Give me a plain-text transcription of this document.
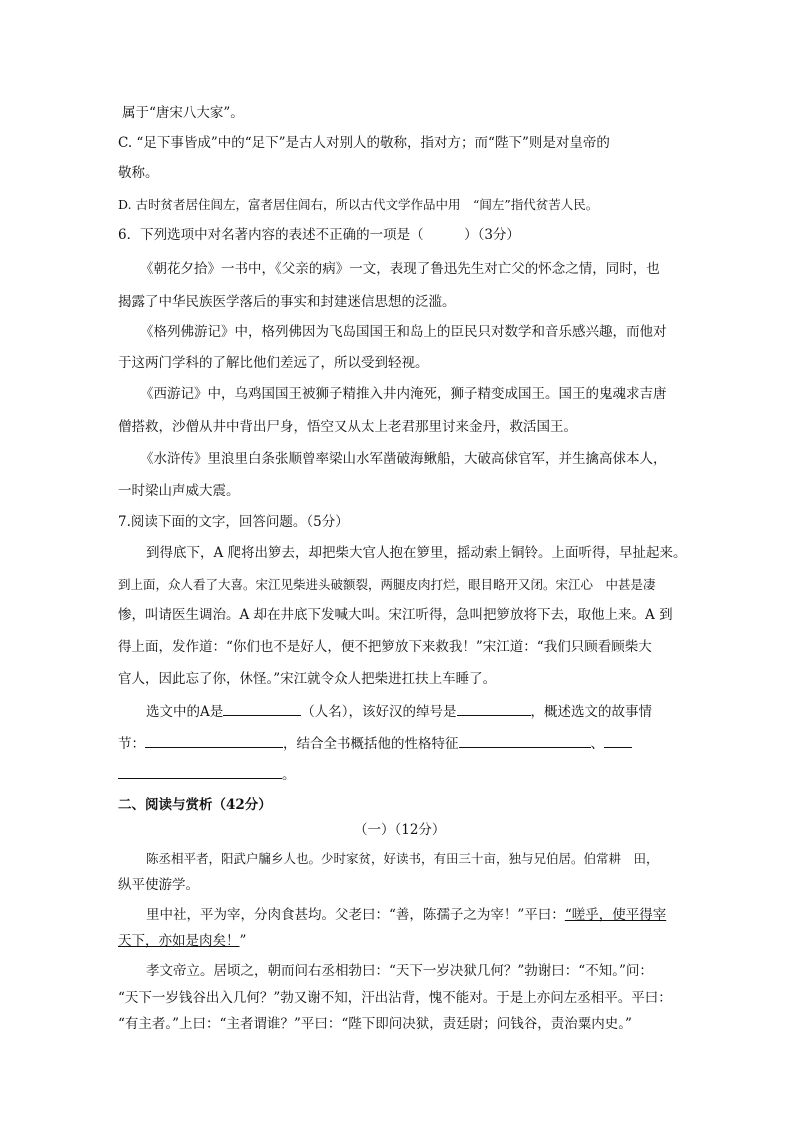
属于“唐宋八大家”。
C. “足下事皆成”中的“足下”是古人对别人的敬称，指对方；而“陛下”则是对皇帝的
敬称。
D. 古时贫者居住闾左，富者居住闾右，所以古代文学作品中用　“闾左”指代贫苦人民。
6．下列选项中对名著内容的表述不正确的一项是（　　　）（3分）
《朝花夕拾》一书中，《父亲的病》一文，表现了鲁迅先生对亡父的怀念之情，同时，也
揭露了中华民族医学落后的事实和封建迷信思想的泛滥。
《格列佛游记》中，格列佛因为飞岛国国王和岛上的臣民只对数学和音乐感兴趣，而他对
于这两门学科的了解比他们差远了，所以受到轻视。
《西游记》中，乌鸡国国王被狮子精推入井内淹死，狮子精变成国王。国王的鬼魂求吉唐
僧搭救，沙僧从井中背出尸身，悟空又从太上老君那里讨来金丹，救活国王。
《水浒传》里浪里白条张顺曾率梁山水军凿破海鳅船，大破高俅官军，并生擒高俅本人，
一时梁山声威大震。
7.阅读下面的文字，回答问题。（5分）
到得底下，A 爬将出箩去，却把柴大官人抱在箩里，摇动索上铜铃。上面听得，早扯起来。
到上面，众人看了大喜。宋江见柴进头破额裂，两腿皮肉打烂，眼目略开又闭。宋江心　中甚是凄
惨，叫请医生调治。A 却在井底下发喊大叫。宋江听得，急叫把箩放将下去，取他上来。A 到
得上面，发作道：“你们也不是好人，便不把箩放下来救我！”宋江道：“我们只顾看顾柴大
官人，因此忘了你，休怪。”宋江就令众人把柴进扛扶上车睡了。
选文中的A是	（人名），该好汉的绰号是	，概述选文的故事情
节：	，结合全书概括他的性格特征	、
。
二、阅读与赏析（42分）
（一）（12分）
陈丞相平者，阳武户牖乡人也。少时家贫，好读书，有田三十亩，独与兄伯居。伯常耕　田，
纵平使游学。
里中社，平为宰，分肉食甚均。父老曰：“善，陈孺子之为宰！”平曰：“嗟乎，使平得宰
天下，亦如是肉矣！”
孝文帝立。居顷之，朝而问右丞相勃曰：“天下一岁决狱几何？”勃谢曰：“不知。”问：
“天下一岁钱谷出入几何？”勃又谢不知，汗出沾背，愧不能对。于是上亦问左丞相平。平曰：
“有主者。”上曰：“主者谓谁？”平曰：“陛下即问决狱，责廷尉；问钱谷，责治粟内史。”
